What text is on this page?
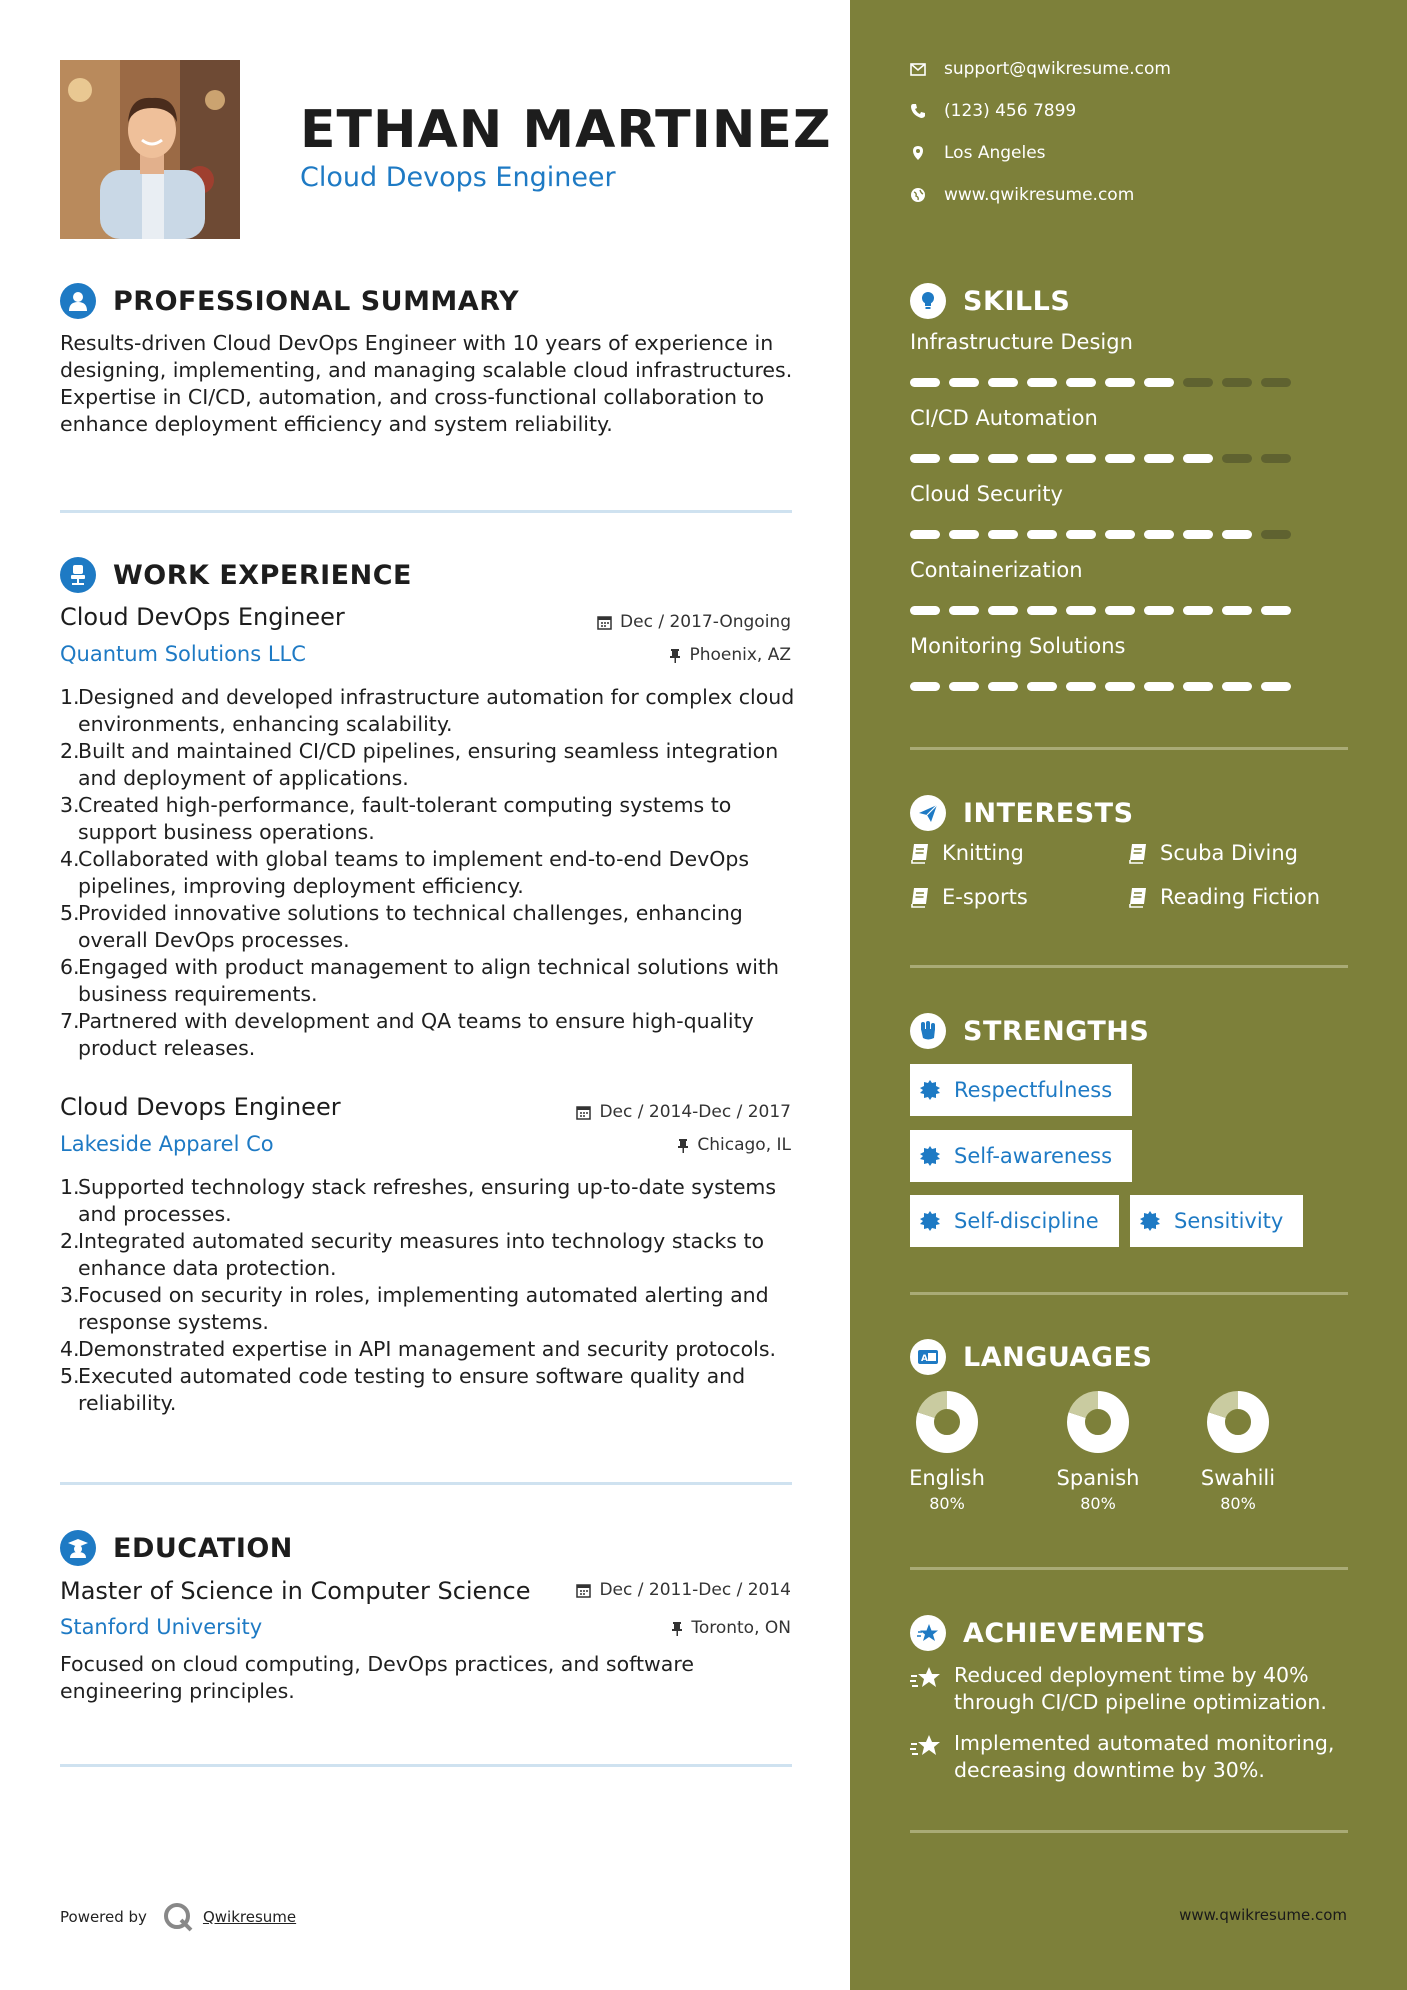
ETHAN MARTINEZ
Cloud Devops Engineer
PROFESSIONAL SUMMARY
Results-driven Cloud DevOps Engineer with 10 years of experience in designing, implementing, and managing scalable cloud infrastructures. Expertise in CI/CD, automation, and cross-functional collaboration to enhance deployment efficiency and system reliability.
WORK EXPERIENCE
Cloud DevOps Engineer	Dec / 2017-Ongoing
Quantum Solutions LLC	Phoenix, AZ
1.
Designed and developed infrastructure automation for complex cloud environments, enhancing scalability.
2.
Built and maintained CI/CD pipelines, ensuring seamless integration and deployment of applications.
3.
Created high-performance, fault-tolerant computing systems to support business operations.
4.
Collaborated with global teams to implement end-to-end DevOps pipelines, improving deployment efficiency.
5.
Provided innovative solutions to technical challenges, enhancing overall DevOps processes.
6.
Engaged with product management to align technical solutions with business requirements.
7.
Partnered with development and QA teams to ensure high-quality product releases.
Cloud Devops Engineer	Dec / 2014-Dec / 2017
Lakeside Apparel Co	Chicago, IL
1.
Supported technology stack refreshes, ensuring up-to-date systems and processes.
2.
Integrated automated security measures into technology stacks to enhance data protection.
3.
Focused on security in roles, implementing automated alerting and response systems.
4.
Demonstrated expertise in API management and security protocols.
5.
Executed automated code testing to ensure software quality and reliability.
EDUCATION
Master of Science in Computer Science	Dec / 2011-Dec / 2014
Stanford University	Toronto, ON
Focused on cloud computing, DevOps practices, and software engineering principles.
Powered by	Qwikresume
support@qwikresume.com
(123) 456 7899
Los Angeles
www.qwikresume.com
SKILLS
Infrastructure Design
CI/CD Automation
Cloud Security
Containerization
Monitoring Solutions
INTERESTS
Knitting	Scuba Diving
E-sports	Reading Fiction
STRENGTHS
Respectfulness
Self-awareness
Self-discipline	Sensitivity
A LANGUAGES
English
80%
Spanish
80%
Swahili
80%
ACHIEVEMENTS
Reduced deployment time by 40% through CI/CD pipeline optimization.
Implemented automated monitoring, decreasing downtime by 30%.
www.qwikresume.com
